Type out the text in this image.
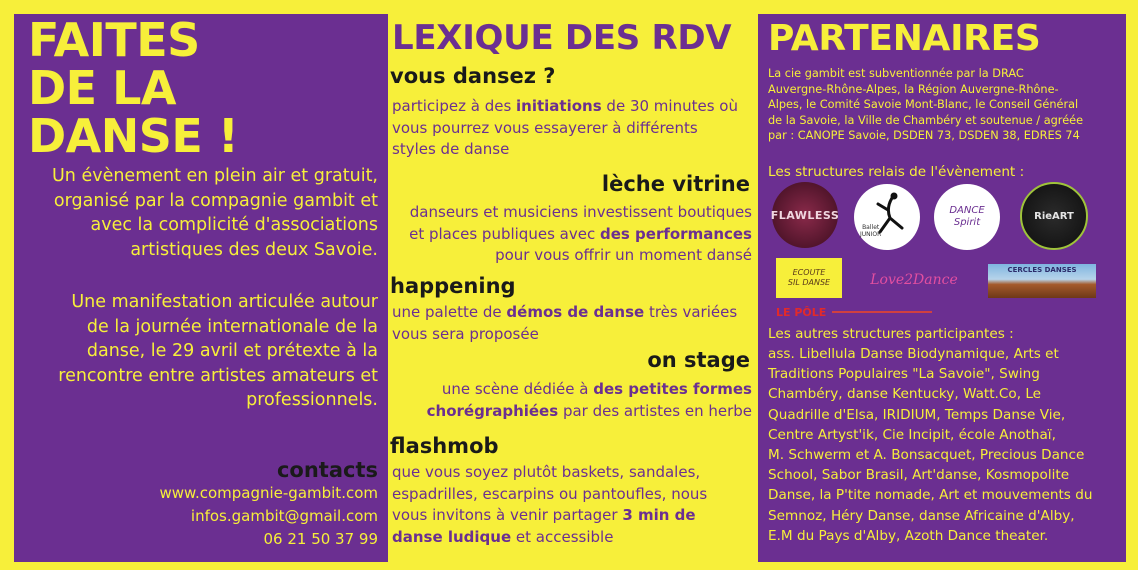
FAITES
DE LA
DANSE !
Un évènement en plein air et gratuit,
organisé par la compagnie gambit et
avec la complicité d'associations
artistiques des deux Savoie.
Une manifestation articulée autour
de la journée internationale de la
danse, le 29 avril et prétexte à la
rencontre entre artistes amateurs et
professionnels.
contacts
www.compagnie-gambit.com
infos.gambit@gmail.com
06 21 50 37 99
LEXIQUE DES RDV
vous dansez ?
participez à des initiations de 30 minutes où
vous pourrez vous essayerer à différents
styles de danse
lèche vitrine
danseurs et musiciens investissent boutiques
et places publiques avec des performances
pour vous offrir un moment dansé
happening
une palette de démos de danse très variées
vous sera proposée
on stage
une scène dédiée à des petites formes
chorégraphiées par des artistes en herbe
flashmob
que vous soyez plutôt baskets, sandales,
espadrilles, escarpins ou pantoufles, nous
vous invitons à venir partager 3 min de
danse ludique et accessible
PARTENAIRES
La cie gambit est subventionnée par la DRAC
Auvergne-Rhône-Alpes, la Région Auvergne-Rhône-
Alpes, le Comité Savoie Mont-Blanc, le Conseil Général
de la Savoie, la Ville de Chambéry et soutenue / agréée
par : CANOPE Savoie, DSDEN 73, DSDEN 38, EDRES 74
Les structures relais de l'évènement :
FLAWLESS
Ballet
JUNIOR
DANCE
Spirit
RieART
ECOUTE
SIL DANSE	Love2Dance
CERCLES DANSES
LE PÔLE
Les autres structures participantes :
ass. Libellula Danse Biodynamique, Arts et
Traditions Populaires "La Savoie", Swing
Chambéry, danse Kentucky, Watt.Co, Le
Quadrille d'Elsa, IRIDIUM, Temps Danse Vie,
Centre Artyst'ik, Cie Incipit, école Anothaï,
M. Schwerm et A. Bonsacquet, Precious Dance
School, Sabor Brasil, Art'danse, Kosmopolite
Danse, la P'tite nomade, Art et mouvements du
Semnoz, Héry Danse, danse Africaine d'Alby,
E.M du Pays d'Alby, Azoth Dance theater.
